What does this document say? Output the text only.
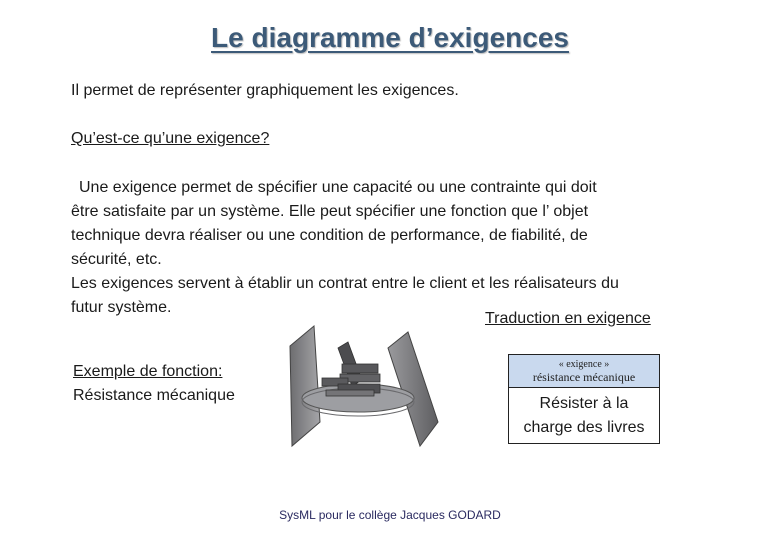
Le diagramme d’exigences
Il permet de représenter graphiquement les exigences.
Qu’est-ce qu’une exigence?
Une exigence permet de spécifier une capacité ou une contrainte qui doit
être satisfaite par un système. Elle peut spécifier une fonction que l’ objet
technique devra réaliser ou une condition de performance, de fiabilité, de
sécurité, etc.
Les exigences servent à établir un contrat entre le client et les réalisateurs du
futur système.
Traduction en exigence
Exemple de fonction:
Résistance mécanique
« exigence »
résistance mécanique
Résister à la
charge des livres
SysML pour le collège Jacques GODARD
